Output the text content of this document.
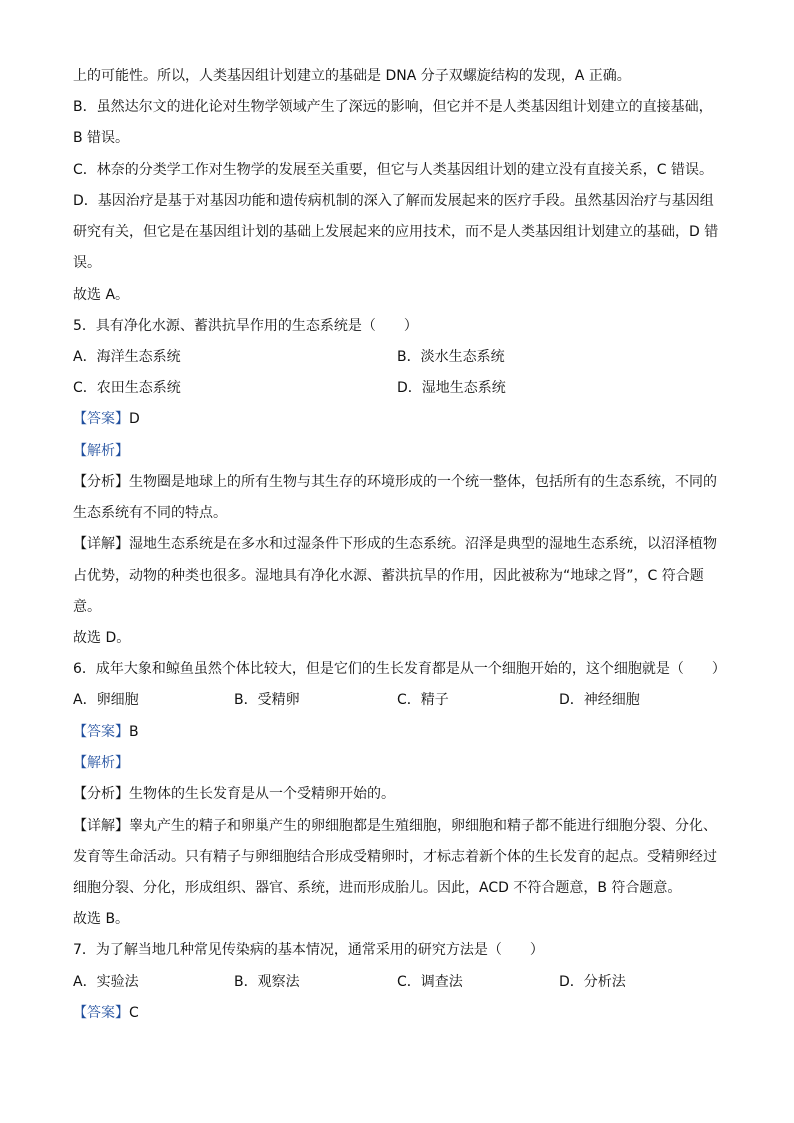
上的可能性。所以，人类基因组计划建立的基础是 DNA 分子双螺旋结构的发现，A 正确。
B．虽然达尔文的进化论对生物学领域产生了深远的影响，但它并不是人类基因组计划建立的直接基础，
B 错误。
C．林奈的分类学工作对生物学的发展至关重要，但它与人类基因组计划的建立没有直接关系，C 错误。
D．基因治疗是基于对基因功能和遗传病机制的深入了解而发展起来的医疗手段。虽然基因治疗与基因组
研究有关，但它是在基因组计划的基础上发展起来的应用技术，而不是人类基因组计划建立的基础，D 错
误。
故选 A。
5．具有净化水源、蓄洪抗旱作用的生态系统是（　　）
A．海洋生态系统	B．淡水生态系统
C．农田生态系统	D．湿地生态系统
【答案】D
【解析】
【分析】生物圈是地球上的所有生物与其生存的环境形成的一个统一整体，包括所有的生态系统，不同的
生态系统有不同的特点。
【详解】湿地生态系统是在多水和过湿条件下形成的生态系统。沼泽是典型的湿地生态系统，以沼泽植物
占优势，动物的种类也很多。湿地具有净化水源、蓄洪抗旱的作用，因此被称为“地球之肾”，C 符合题
意。
故选 D。
6．成年大象和鲸鱼虽然个体比较大，但是它们的生长发育都是从一个细胞开始的，这个细胞就是（　　）
A．卵细胞	B．受精卵	C．精子	D．神经细胞
【答案】B
【解析】
【分析】生物体的生长发育是从一个受精卵开始的。
【详解】睾丸产生的精子和卵巢产生的卵细胞都是生殖细胞，卵细胞和精子都不能进行细胞分裂、分化、
发育等生命活动。只有精子与卵细胞结合形成受精卵时，才标志着新个体的生长发育的起点。受精卵经过
细胞分裂、分化，形成组织、器官、系统，进而形成胎儿。因此，ACD 不符合题意，B 符合题意。
故选 B。
7．为了解当地几种常见传染病的基本情况，通常采用的研究方法是（　　）
A．实验法	B．观察法	C．调查法	D．分析法
【答案】C
